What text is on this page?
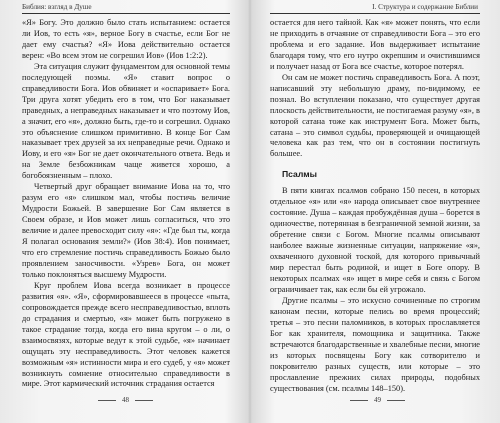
Библия: взгляд в Душе

«Я» Богу. Это должно было стать испытанием: остается ли Иов, то есть «я», верное Богу в счастье, если Бог не дает ему счастья? «Я» Иова действительно остается верен: «Во всем этом не согрешил Иов» (Иов 1:2:2).

Эта ситуация служит фундаментом для основной темы последующей поэмы. «Я» ставит вопрос о справедливости Бога. Иов обвиняет и «оспаривает» Бога. Три друга хотят убедить его в том, что Бог наказывает праведных, а неправедных наказывает и что поэтому Иов, а значит, его «я», должно быть, где-то и согрешил. Однако это объяснение слишком примитивно. В конце Бог Сам наказывает трех друзей за их неправедные речи. Однако и Иову, и его «я» Бог не дает окончательного ответа. Ведь и на Земле безбожникам чаще живется хорошо, а богобоязненным – плохо.

Четвертый друг обращает внимание Иова на то, что разум его «я» слишком мал, чтобы постичь величие Мудрости Божьей. В завершение Бог Сам является в Своем образе, и Иов может лишь согласиться, что это величие и далее превосходит силу «я»: «Где был ты, когда Я полагал основания земли?» (Иов 38:4). Иов понимает, что его стремление постичь справедливость Божью было проявлением заносчивости. «Узрев» Бога, он может только поклоняться высшему Мудрости.

Круг проблем Иова всегда возникает в процессе развития «я». «Я», сформировавшееся в процессе «пыта, сопровождается прежде всего несправедливостью, вплоть до страдания и смертью, «я» может быть погружено в такое страдание тогда, когда его вина кругом – о ли, о взаимосвязях, которые ведут к этой судьбе, «я» начинает ощущать эту несправедливость. Этот человек кажется возможным «я» истинности мира и его судеб, у «я» может возникнуть сомнение относительно справедливости в мире. Этот кармический источник страдания остается

48
I. Структура и содержание Библии

остается для него тайной. Как «я» может понять, что если не приходить в отчаяние от справедливости Бога – это его проблема и его задание. Иов выдерживает испытание благодаря тому, что его нутро окрепшим и очистившимся и получает назад от Бога все счастье, которое потерял.

Он сам не может постичь справедливость Бога. А поэт, написавший эту небольшую драму, по-видимому, ее познал. Во вступлении показано, что существует другая плоскость действительности, не постигаемая разуму «я», в которой сатана тоже как инструмент Бога. Может быть, сатана – это символ судьбы, проверяющей и очищающей человека как раз тем, что он в состоянии постигнуть большее.

Псалмы

В пяти книгах псалмов собрано 150 песен, в которых отдельное «я» или «я» народа описывает свое внутреннее состояние. Душа – каждая пробуждённая душа – борется в одиночестве, потерянная в безграничной земной жизни, за обретение связи с Богом. Многие псалмы описывают наиболее важные жизненные ситуации, напряжение «я», охваченного духовной тоской, для которого привычный мир перестал быть родиной, и ищет в Боге опору. В некоторых псалмах «я» ищет в мире себя и связь с Богом ограничивает так, как если бы ей угрожало.

Другие псалмы – это искусно сочиненные по строгим канонам песни, которые пелись во время процессий; третья – это песни паломников, в которых прославляется Бог как хранителя, помощника и защитника. Также встречаются благодарственные и хвалебные песни, многие из которых посвящены Богу как сотворителю и покровителю разных существ, или которые – это прославление прежних силах природы, подобных существования (см. псалмы 148–150).

49
